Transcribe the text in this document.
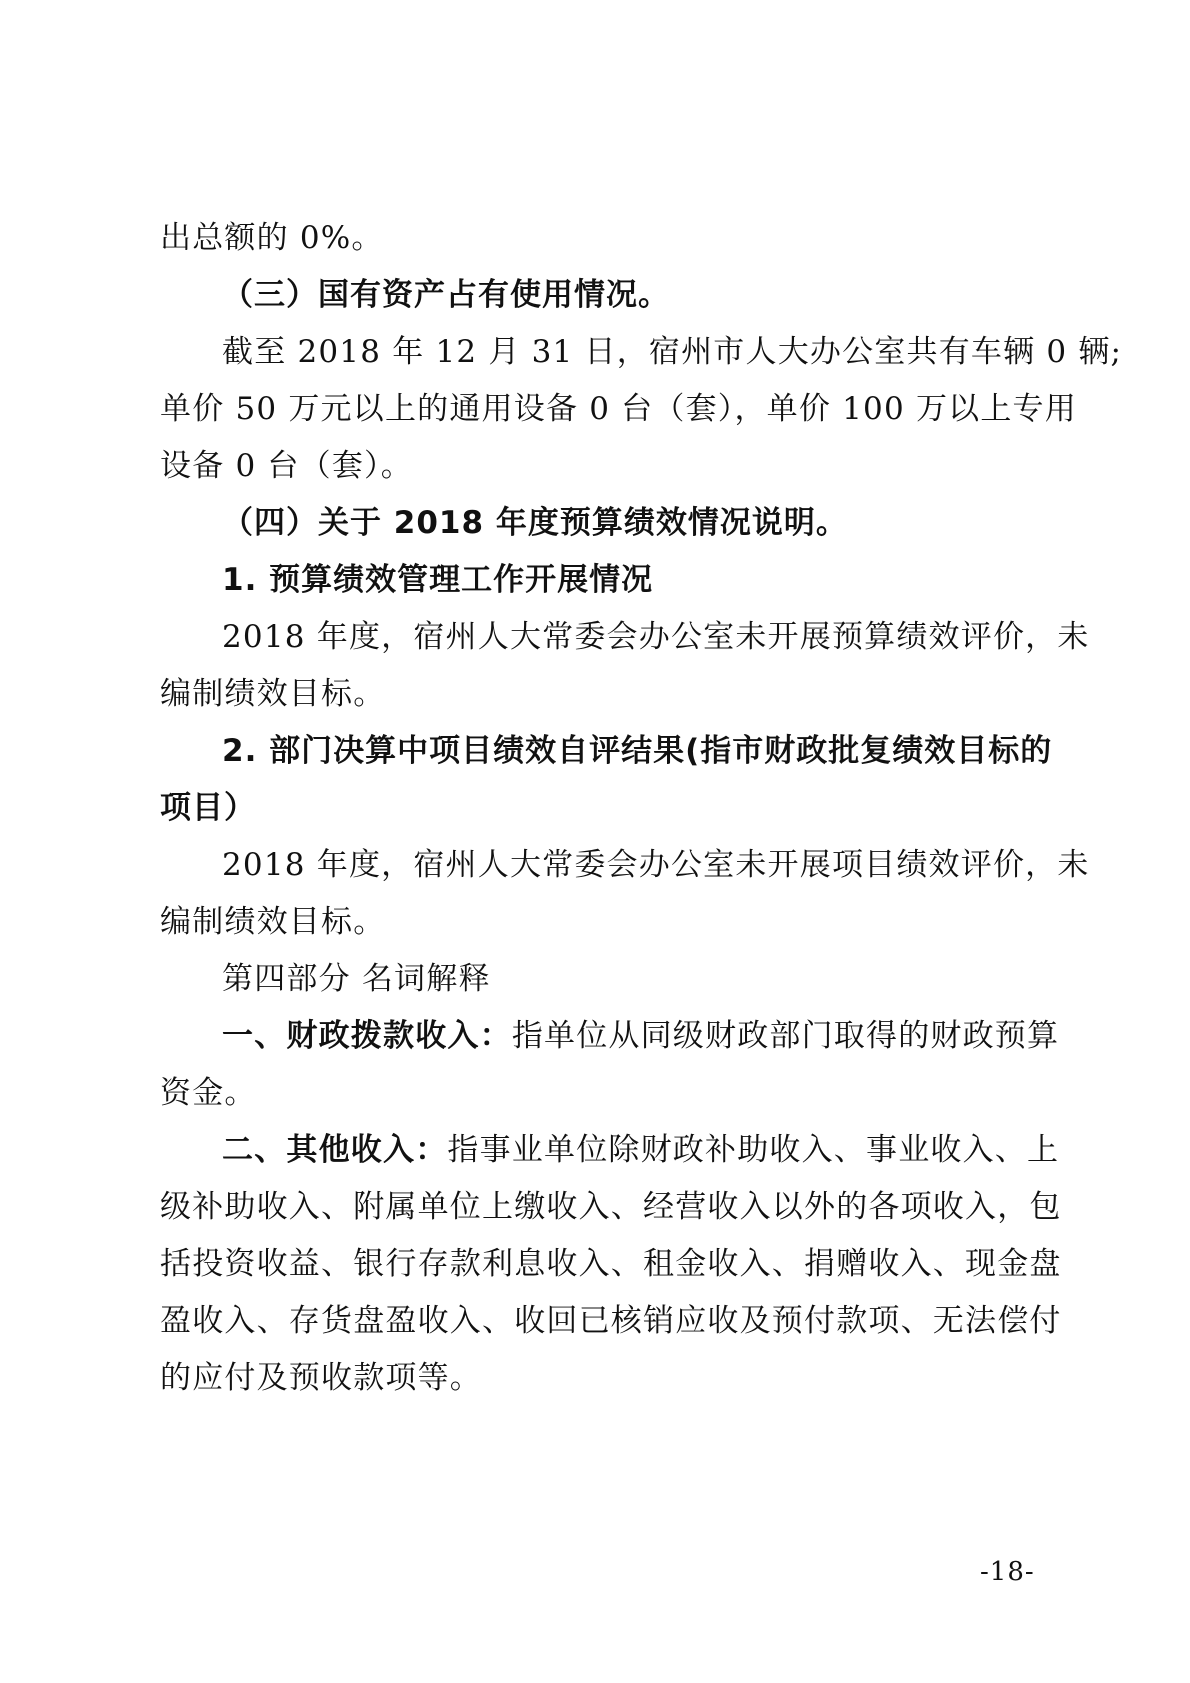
出总额的 0%。
（三）国有资产占有使用情况。
截至 2018 年 12 月 31 日，宿州市人大办公室共有车辆 0 辆;
单价 50 万元以上的通用设备 0 台（套），单价 100 万以上专用
设备 0 台（套）。
（四）关于 2018 年度预算绩效情况说明。
1. 预算绩效管理工作开展情况
2018 年度，宿州人大常委会办公室未开展预算绩效评价，未
编制绩效目标。
2. 部门决算中项目绩效自评结果(指市财政批复绩效目标的
项目）
2018 年度，宿州人大常委会办公室未开展项目绩效评价，未
编制绩效目标。
第四部分 名词解释
一、财政拨款收入：指单位从同级财政部门取得的财政预算
资金。
二、其他收入：指事业单位除财政补助收入、事业收入、上
级补助收入、附属单位上缴收入、经营收入以外的各项收入，包
括投资收益、银行存款利息收入、租金收入、捐赠收入、现金盘
盈收入、存货盘盈收入、收回已核销应收及预付款项、无法偿付
的应付及预收款项等。
-18-
